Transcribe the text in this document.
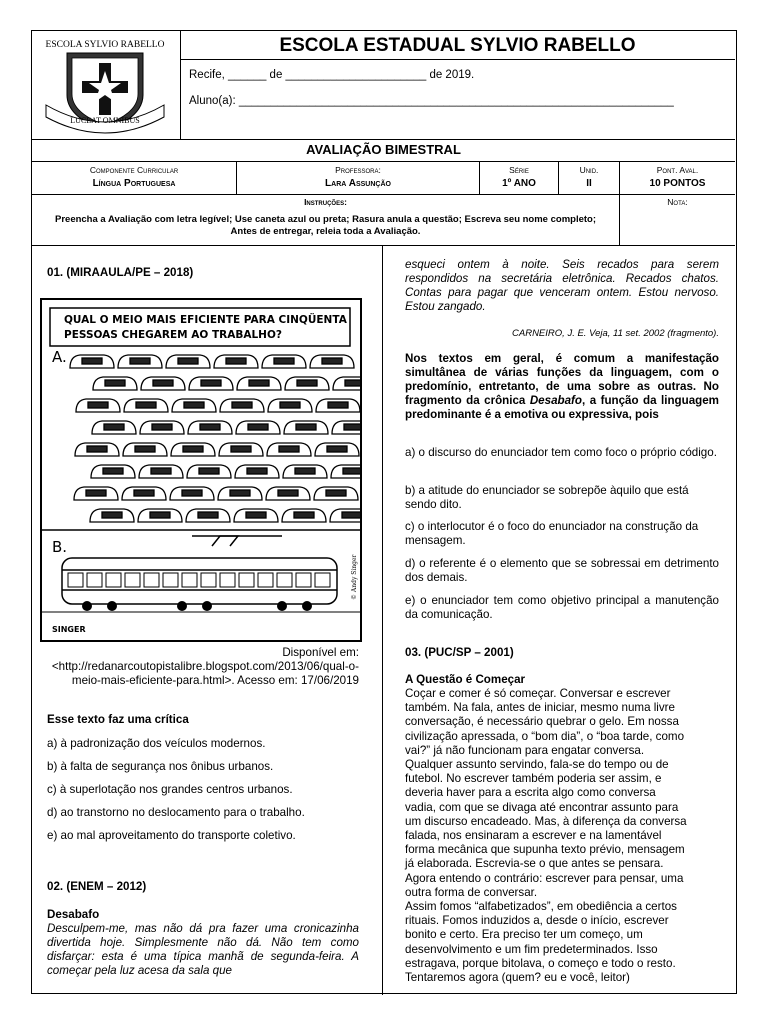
ESCOLA SYLVIO RABELLO
LUCEAT OMNIBUS
ESCOLA ESTADUAL SYLVIO RABELLO
Recife, ______ de ______________________ de 2019.
Aluno(a): ____________________________________________________________________
AVALIAÇÃO BIMESTRAL
Componente Curricular
Língua Portuguesa
Professora:
Lara Assunção
Série
1º ANO
Unid.
II
Pont. Aval.
10 PONTOS
Instruções:
Preencha a Avaliação com letra legível; Use caneta azul ou preta; Rasura anula a questão; Escreva seu nome completo; Antes de entregar, releia toda a Avaliação.
Nota:
01. (MIRAAULA/PE – 2018)
QUAL O MEIO MAIS EFICIENTE PARA CINQÜENTA
PESSOAS CHEGAREM AO TRABALHO?
A.
B.
SINGER
© Andy Singer
Disponível em: <http://redanarcoutopistalibre.blogspot.com/2013/06/qual-o-meio-mais-eficiente-para.html>. Acesso em: 17/06/2019
Esse texto faz uma crítica
a) à padronização dos veículos modernos.
b) à falta de segurança nos ônibus urbanos.
c) à superlotação nos grandes centros urbanos.
d) ao transtorno no deslocamento para o trabalho.
e) ao mal aproveitamento do transporte coletivo.
02. (ENEM – 2012)
Desabafo
Desculpem-me, mas não dá pra fazer uma cronicazinha divertida hoje. Simplesmente não dá. Não tem como disfarçar: esta é uma típica manhã de segunda-feira. A começar pela luz acesa da sala que
esqueci ontem à noite. Seis recados para serem respondidos na secretária eletrônica. Recados chatos. Contas para pagar que venceram ontem. Estou nervoso. Estou zangado.
CARNEIRO, J. E. Veja, 11 set. 2002 (fragmento).
Nos textos em geral, é comum a manifestação simultânea de várias funções da linguagem, com o predomínio, entretanto, de uma sobre as outras. No fragmento da crônica Desabafo, a função da linguagem predominante é a emotiva ou expressiva, pois
a) o discurso do enunciador tem como foco o próprio código.
b) a atitude do enunciador se sobrepõe àquilo que está sendo dito.
c) o interlocutor é o foco do enunciador na construção da mensagem.
d) o referente é o elemento que se sobressai em detrimento dos demais.
e) o enunciador tem como objetivo principal a manutenção da comunicação.
03. (PUC/SP – 2001)
A Questão é Começar
Coçar e comer é só começar. Conversar e escrever
também. Na fala, antes de iniciar, mesmo numa livre
conversação, é necessário quebrar o gelo. Em nossa
civilização apressada, o “bom dia”, o “boa tarde, como
vai?” já não funcionam para engatar conversa.
Qualquer assunto servindo, fala-se do tempo ou de
futebol. No escrever também poderia ser assim, e
deveria haver para a escrita algo como conversa
vadia, com que se divaga até encontrar assunto para
um discurso encadeado. Mas, à diferença da conversa
falada, nos ensinaram a escrever e na lamentável
forma mecânica que supunha texto prévio, mensagem
já elaborada. Escrevia-se o que antes se pensara.
Agora entendo o contrário: escrever para pensar, uma
outra forma de conversar.
Assim fomos “alfabetizados”, em obediência a certos
rituais. Fomos induzidos a, desde o início, escrever
bonito e certo. Era preciso ter um começo, um
desenvolvimento e um fim predeterminados. Isso
estragava, porque bitolava, o começo e todo o resto.
Tentaremos agora (quem? eu e você, leitor)
